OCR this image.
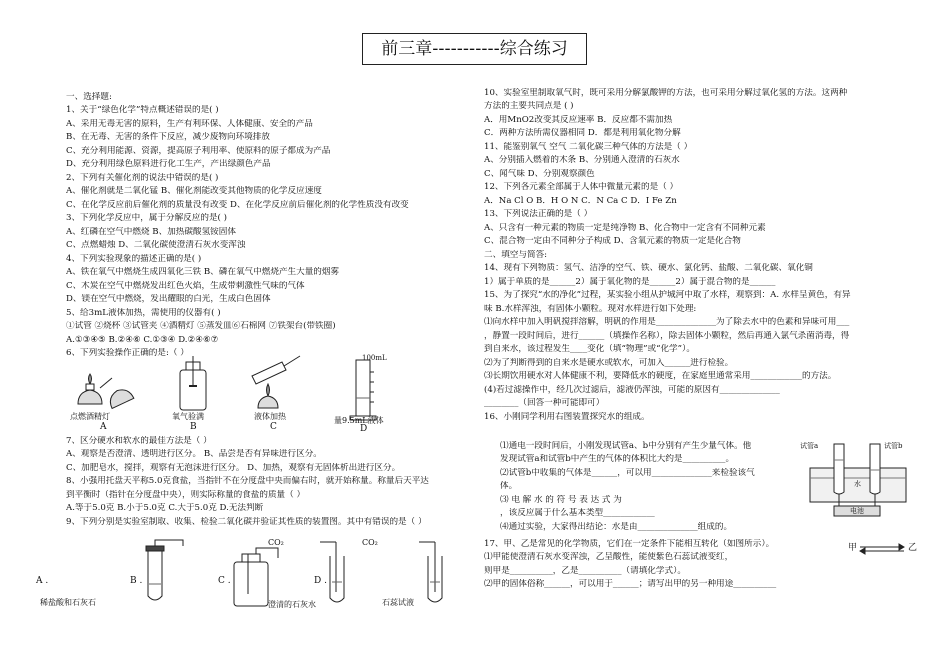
前三章-----------综合练习
一、选择题:
1、关于“绿色化学”特点概述错误的是( )
A、采用无毒无害的原料，生产有利环保、人体健康、安全的产品
B、在无毒、无害的条件下反应，减少废物向环境排放
C、充分利用能源、资源，提高原子利用率、使原料的原子都成为产品
D、充分利用绿色原料进行化工生产，产出绿颜色产品
2、下列有关催化剂的说法中错误的是( )
A、催化剂就是二氧化锰 B、催化剂能改变其他物质的化学反应速度
C、在化学反应前后催化剂的质量没有改变 D、在化学反应前后催化剂的化学性质没有改变
3、下列化学反应中，属于分解反应的是( )
A、红磷在空气中燃烧 B、加热碳酸氢铵固体
C、点燃蜡烛 D、二氧化碳使澄清石灰水变浑浊
4、下列实验现象的描述正确的是( )
A、铁在氧气中燃烧生成四氧化三铁 B、磷在氧气中燃烧产生大量的烟雾
C、木炭在空气中燃烧发出红色火焰，生成带刺激性气味的气体
D、镁在空气中燃烧，发出耀眼的白光，生成白色固体
5、给3mL液体加热，需使用的仪器有( )
①试管 ②烧杯 ③试管夹 ④酒精灯 ⑤蒸发皿⑥石棉网 ⑦铁架台(带铁圈)
A.①③④⑤ B.②④⑥ C.①③④ D.②④⑥⑦
6、下列实验操作正确的是:（ ）
点燃酒精灯	氧气验满	液体加热	量9.5mL液体
100mL
A	B	C	D
7、区分硬水和软水的最佳方法是（ ）
A、观察是否澄清、透明进行区分。 B、品尝是否有异味进行区分。
C、加肥皂水，搅拌，观察有无泡沫进行区分。 D、加热，观察有无固体析出进行区分。
8、小强用托盘天平称5.0克食盐，当指针不在分度盘中央而偏右时，就开始称量。称量后天平达
到平衡时（指针在分度盘中央），则实际称量的食盐的质量（ ）
A.等于5.0克 B.小于5.0克 C.大于5.0克 D.无法判断
9、下列分别是实验室制取、收集、检验二氧化碳并验证其性质的装置图。其中有错误的是（ ）
A .	B .	C .	D .
CO₂	CO₂
稀盐酸和石灰石	澄清的石灰水	石蕊试液
10、实验室里制取氧气时，既可采用分解氯酸钾的方法，也可采用分解过氧化氢的方法。这两种
方法的主要共同点是 ( )
A．用MnO2改变其反应速率 B．反应都不需加热
C．两种方法所需仪器相同 D．都是利用氧化物分解
11、能鉴别氧气 空气 二氧化碳三种气体的方法是（ ）
A、分别插入燃着的木条 B、分别通入澄清的石灰水
C、闻气味 D、分别观察颜色
12、下列各元素全部属于人体中微量元素的是（ ）
A．Na Cl O B．H O N C．N Ca C D．I Fe Zn
13、下列说法正确的是（ ）
A、只含有一种元素的物质一定是纯净物 B、化合物中一定含有不同种元素
C、混合物一定由不同种分子构成 D、含氧元素的物质一定是化合物
二、填空与简答:
14、现有下列物质：氢气、洁净的空气、铁、硬水、氯化钙、盐酸、二氧化碳、氧化铜
1）属于单质的是______2）属于氧化物的是______2）属于混合物的是______
15、为了探究“水的净化”过程，某实验小组从护城河中取了水样，观察到：A. 水样呈黄色，有异
味 B.水样浑浊，有固体小颗粒。现对水样进行如下处理:
⑴向水样中加入明矾搅拌溶解，明矾的作用是______________为了除去水中的色素和异味可用___
，静置一段时间后，进行______（填操作名称），除去固体小颗粒，然后再通入氯气杀菌消毒，得
到自来水，该过程发生____变化（填“物理”或“化学”）。
⑵为了判断得到的自来水是硬水或软水，可加入______进行检验。
⑶长期饮用硬水对人体健康不利，要降低水的硬度，在家庭里通常采用____________的方法。
(4)若过滤操作中，经几次过滤后，滤液仍浑浊，可能的原因有______________
________（回答一种可能即可）
16、小刚同学利用右图装置探究水的组成。
⑴通电一段时间后，小刚发现试管a、b中分别有产生少量气体。他
发现试管a和试管b中产生的气体的体积比大约是__________。
⑵试管b中收集的气体是______，可以用______________来检验该气
体。
⑶ 电 解 水 的 符 号 表 达 式 为
，该反应属于什么基本类型____________
⑷通过实验，大家得出结论：水是由______________组成的。
试管a	试管b
水
电池
17、甲、乙是常见的化学物质，它们在一定条件下能相互转化（如图所示）。
⑴甲能使澄清石灰水变浑浊，乙呈酸性，能使紫色石蕊试液变红，
则甲是__________，乙是__________（请填化学式）。
⑵甲的固体俗称______，可以用于______；请写出甲的另一种用途__________
甲	乙
